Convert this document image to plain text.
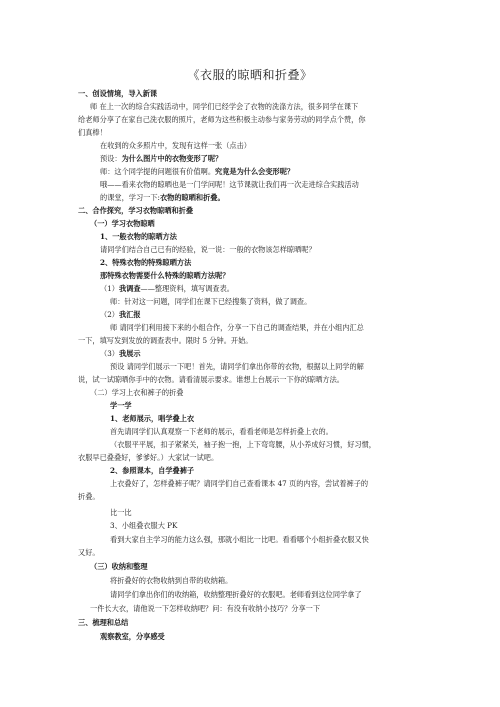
《衣服的晾晒和折叠》
一、创设情境，导入新课
师 在上一次的综合实践活动中，同学们已经学会了衣物的洗涤方法，很多同学在课下
给老师分享了在家自己洗衣服的照片，老师为这些积极主动参与家务劳动的同学点个赞，你
们真棒！
在收到的众多照片中，发现有这样一张（点击）
预设：为什么图片中的衣物变形了呢？
师：这个同学提的问题很有价值啊。究竟是为什么会变形呢？
哦——看来衣物的晾晒也是一门学问呢！这节课就让我们再一次走进综合实践活动
的课堂，学习一下:衣物的晾晒和折叠。
二、合作探究，学习衣物晾晒和折叠
（一）学习衣物晾晒
1、一般衣物的晾晒方法
请同学们结合自己已有的经验，说一说：一般的衣物该怎样晾晒呢？
2、特殊衣物的特殊晾晒方法
那特殊衣物需要什么特殊的晾晒方法呢？
（1）我调查——整理资料，填写调查表。
师：针对这一问题，同学们在课下已经搜集了资料，做了调查。
（2）我汇报
师 请同学们利用接下来的小组合作，分享一下自己的调查结果，并在小组内汇总
一下，填写发到发放的调查表中。限时 5 分钟。开始。
（3）我展示
预设 请同学们展示一下吧！首先，请同学们拿出你带的衣物，根据以上同学的解
说，试一试晾晒你手中的衣物。请看清展示要求。谁想上台展示一下你的晾晒方法。
（二）学习上衣和裤子的折叠
学一学
1、老师展示，唱学叠上衣
首先请同学们认真观察一下老师的展示，看看老师是怎样折叠上衣的。
（衣服平平展，扣子紧紧关，袖子抱一抱，上下弯弯腰，从小养成好习惯，好习惯，
衣服早已叠叠好，爹爹好。）大家试一试吧。
2、参照课本，自学叠裤子
上衣叠好了，怎样叠裤子呢？请同学们自己查看课本 47 页的内容，尝试着裤子的
折叠。
比一比
3、小组叠衣服大 PK
看到大家自主学习的能力这么强，那就小组比一比吧。看看哪个小组折叠衣服又快
又好。
（三）收纳和整理
将折叠好的衣物收纳到自带的收纳箱。
请同学们拿出你们的收纳箱，收纳整理折叠好的衣服吧。老师看到这位同学拿了
一件长大衣，请他说一下怎样收纳吧？问：有没有收纳小技巧？分享一下
三、梳理和总结
观察教室，分享感受
